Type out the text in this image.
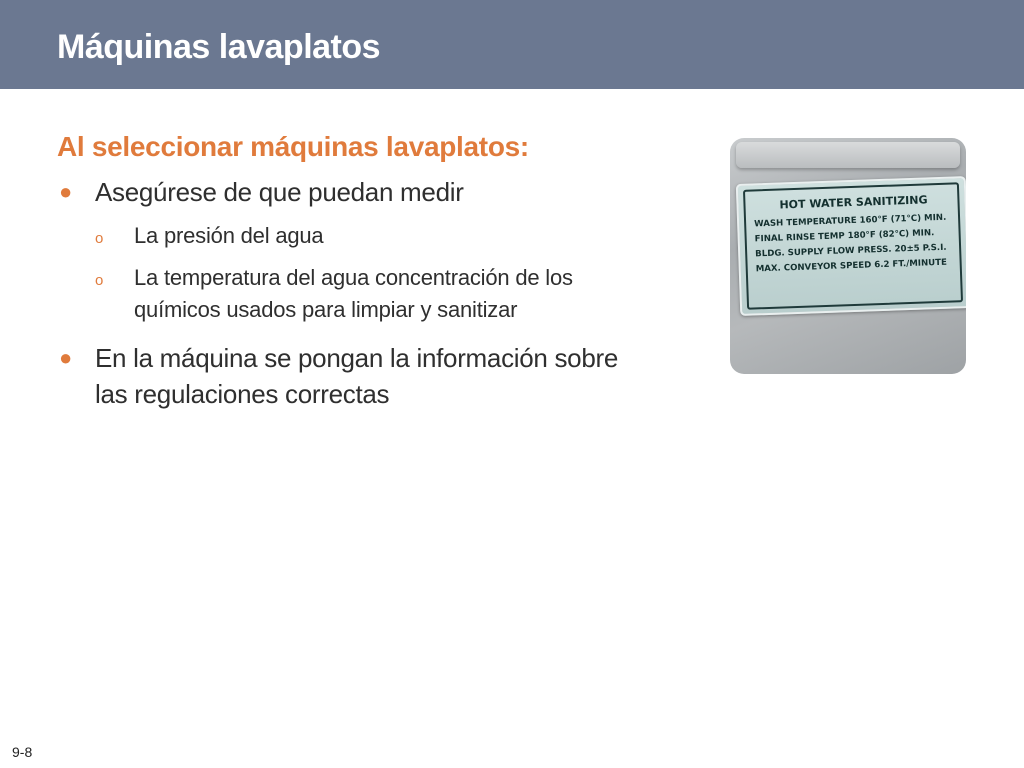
Máquinas lavaplatos
Al seleccionar máquinas lavaplatos:
● Asegúrese de que puedan medir
o La presión del agua
o La temperatura del agua concentración de los químicos usados para limpiar y sanitizar
● En la máquina se pongan la información sobre las regulaciones correctas
HOT WATER SANITIZING
WASH TEMPERATURE 160°F (71°C) MIN.
FINAL RINSE TEMP 180°F (82°C) MIN.
BLDG. SUPPLY FLOW PRESS. 20±5 P.S.I.
MAX. CONVEYOR SPEED 6.2 FT./MINUTE
9-8
